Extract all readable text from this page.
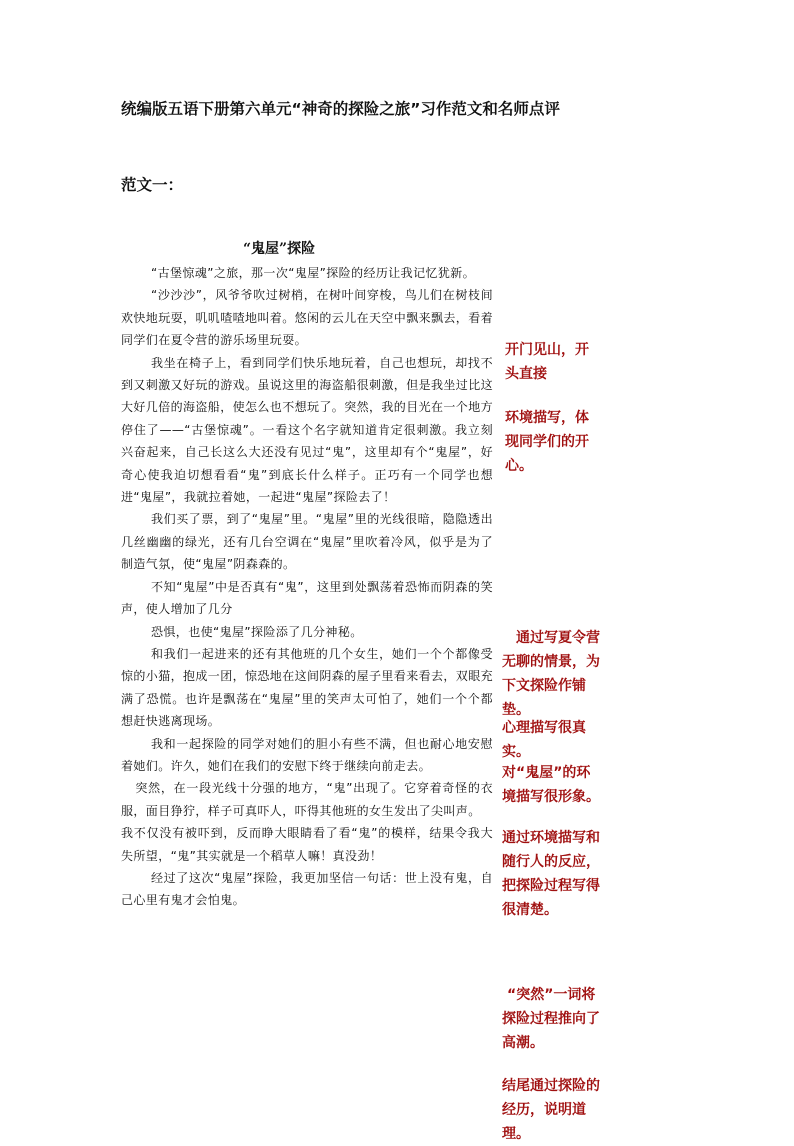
统编版五语下册第六单元“神奇的探险之旅”习作范文和名师点评
范文一：
“鬼屋”探险

“古堡惊魂”之旅，那一次“鬼屋”探险的经历让我记忆犹新。

“沙沙沙”，风爷爷吹过树梢，在树叶间穿梭，鸟儿们在树枝间欢快地玩耍，叽叽喳喳地叫着。悠闲的云儿在天空中飘来飘去，看着同学们在夏令营的游乐场里玩耍。

我坐在椅子上，看到同学们快乐地玩着，自己也想玩，却找不到又刺激又好玩的游戏。虽说这里的海盗船很刺激，但是我坐过比这大好几倍的海盗船，使怎么也不想玩了。突然，我的目光在一个地方停住了——“古堡惊魂”。一看这个名字就知道肯定很刺激。我立刻兴奋起来，自己长这么大还没有见过“鬼”，这里却有个“鬼屋”，好奇心使我迫切想看看“鬼”到底长什么样子。正巧有一个同学也想进“鬼屋”，我就拉着她，一起进“鬼屋”探险去了！

我们买了票，到了“鬼屋”里。“鬼屋”里的光线很暗，隐隐透出几丝幽幽的绿光，还有几台空调在“鬼屋”里吹着冷风，似乎是为了制造气氛，使“鬼屋”阴森森的。

不知“鬼屋”中是否真有“鬼”，这里到处飘荡着恐怖而阴森的笑声，使人增加了几分

恐惧，也使“鬼屋”探险添了几分神秘。

和我们一起进来的还有其他班的几个女生，她们一个个都像受惊的小猫，抱成一团，惊恐地在这间阴森的屋子里看来看去，双眼充满了恐慌。也许是飘荡在“鬼屋”里的笑声太可怕了，她们一个个都想赶快逃离现场。

我和一起探险的同学对她们的胆小有些不满，但也耐心地安慰着她们。许久，她们在我们的安慰下终于继续向前走去。

突然，在一段光线十分强的地方，“鬼”出现了。它穿着奇怪的衣服，面目狰狞，样子可真吓人，吓得其他班的女生发出了尖叫声。

我不仅没有被吓到，反而睁大眼睛看了看“鬼”的模样，结果令我大失所望，“鬼”其实就是一个稻草人嘛！真没劲！

经过了这次“鬼屋”探险，我更加坚信一句话：世上没有鬼，自己心里有鬼才会怕鬼。

开门见山，开头直接
环境描写，体现同学们的开心。
通过写夏令营无聊的情景，为下文探险作铺垫。
心理描写很真实。
对“鬼屋”的环境描写很形象。
通过环境描写和随行人的反应，把探险过程写得很清楚。
“突然”一词将探险过程推向了高潮。
结尾通过探险的经历，说明道理。
